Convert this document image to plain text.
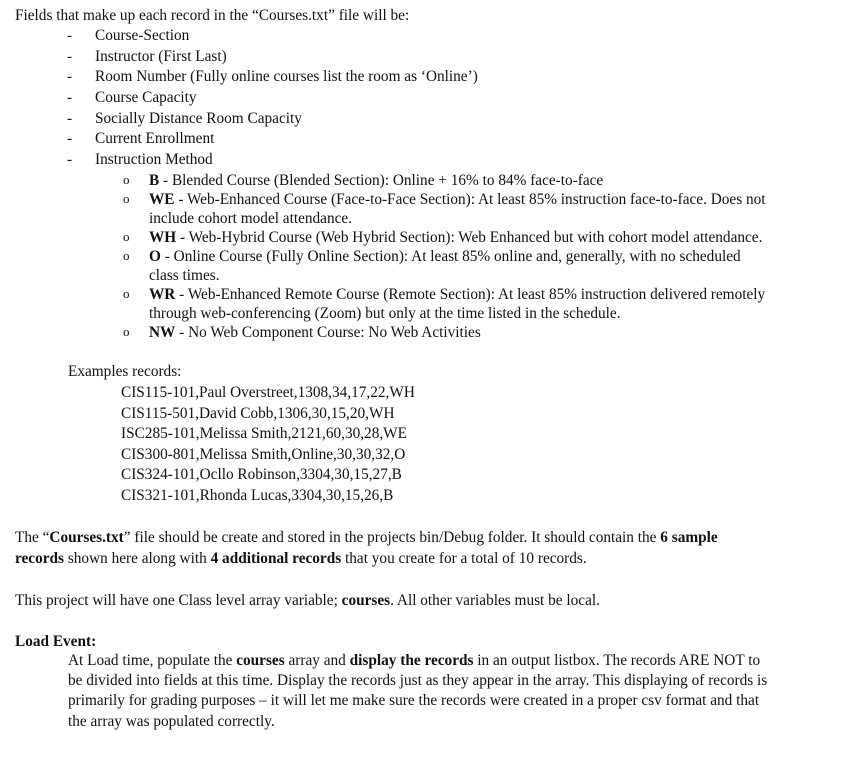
Fields that make up each record in the “Courses.txt” file will be:
- Course-Section
- Instructor (First Last)
- Room Number (Fully online courses list the room as ‘Online’)
- Course Capacity
- Socially Distance Room Capacity
- Current Enrollment
- Instruction Method
o B - Blended Course (Blended Section): Online + 16% to 84% face-to-face
o WE - Web-Enhanced Course (Face-to-Face Section): At least 85% instruction face-to-face. Does not
include cohort model attendance.
o WH - Web-Hybrid Course (Web Hybrid Section): Web Enhanced but with cohort model attendance.
o O - Online Course (Fully Online Section): At least 85% online and, generally, with no scheduled
class times.
o WR - Web-Enhanced Remote Course (Remote Section): At least 85% instruction delivered remotely
through web-conferencing (Zoom) but only at the time listed in the schedule.
o NW - No Web Component Course: No Web Activities
Examples records:
CIS115-101,Paul Overstreet,1308,34,17,22,WH
CIS115-501,David Cobb,1306,30,15,20,WH
ISC285-101,Melissa Smith,2121,60,30,28,WE
CIS300-801,Melissa Smith,Online,30,30,32,O
CIS324-101,Ocllo Robinson,3304,30,15,27,B
CIS321-101,Rhonda Lucas,3304,30,15,26,B
The “Courses.txt” file should be create and stored in the projects bin/Debug folder. It should contain the 6 sample
records shown here along with 4 additional records that you create for a total of 10 records.
This project will have one Class level array variable; courses. All other variables must be local.
Load Event:
At Load time, populate the courses array and display the records in an output listbox. The records ARE NOT to
be divided into fields at this time. Display the records just as they appear in the array. This displaying of records is
primarily for grading purposes – it will let me make sure the records were created in a proper csv format and that
the array was populated correctly.
